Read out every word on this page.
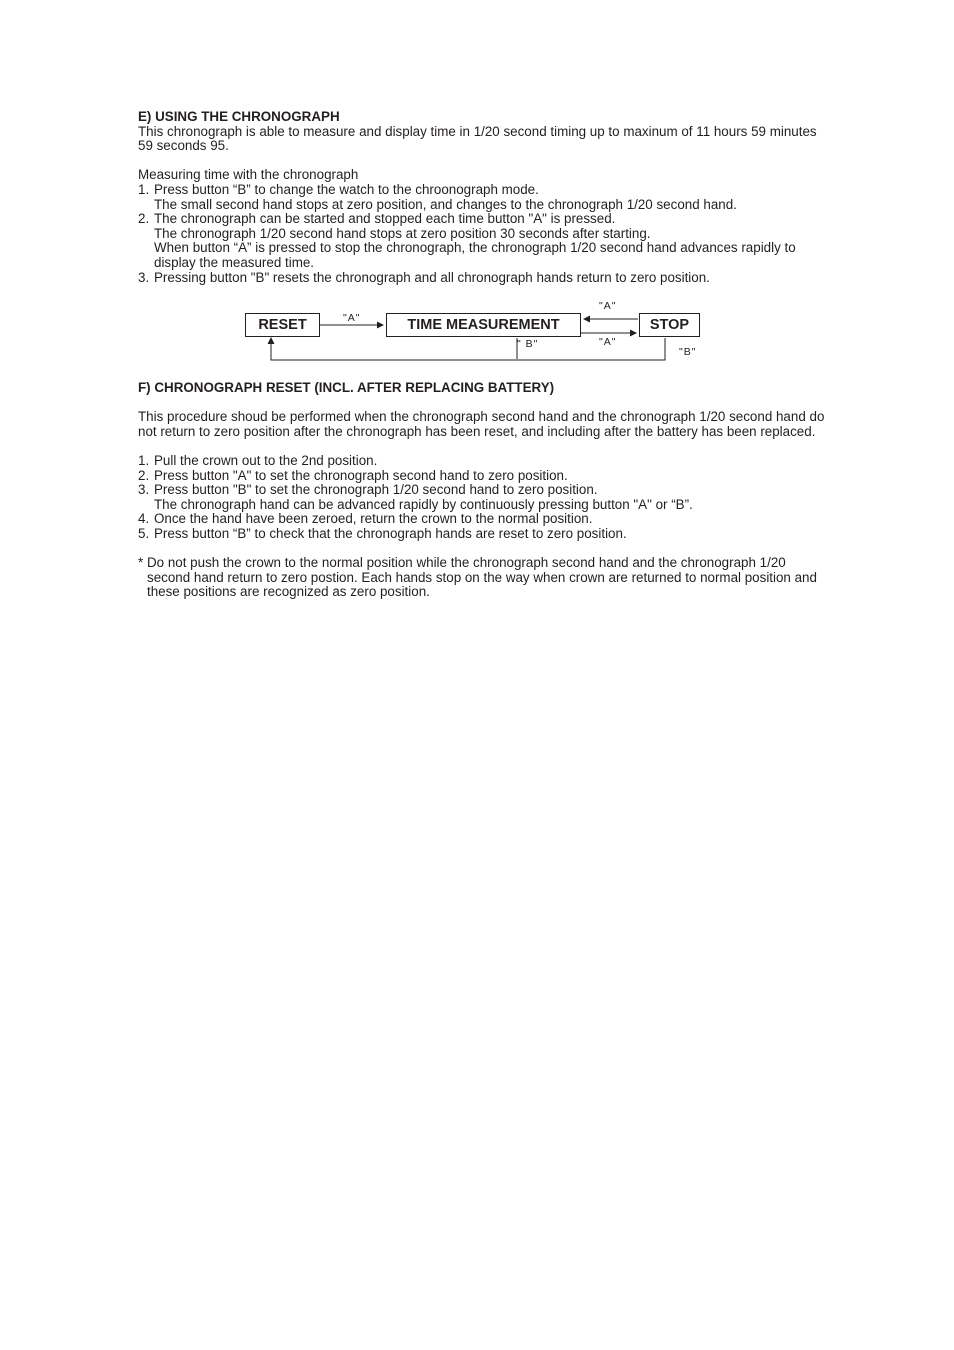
E) USING THE CHRONOGRAPH

This chronograph is able to measure and display time in 1/20 second timing up to maxinum of 11 hours 59 minutes 59 seconds 95.

Measuring time with the chronograph

1. Press button “B” to change the watch to the chroonograph mode.
The small second hand stops at zero position, and changes to the chronograph 1/20 second hand.
2. The chronograph can be started and stopped each time button "A" is pressed.
The chronograph 1/20 second hand stops at zero position 30 seconds after starting.
When button “A” is pressed to stop the chronograph, the chronograph 1/20 second hand advances rapidly to display the measured time.
3. Pressing button "B" resets the chronograph and all chronograph hands return to zero position.

F) CHRONOGRAPH RESET (INCL. AFTER REPLACING BATTERY)

This procedure shoud be performed when the chronograph second hand and the chronograph 1/20 second hand do not return to zero position after the chronograph has been reset, and including after the battery has been replaced.

1. Pull the crown out to the 2nd position.
2. Press button "A" to set the chronograph second hand to zero position.
3. Press button "B" to set the chronograph 1/20 second hand to zero position.
The chronograph hand can be advanced rapidly by continuously pressing button "A" or “B”.
4. Once the hand have been zeroed, return the crown to the normal position.
5. Press button “B” to check that the chronograph hands are reset to zero position.
* Do not push the crown to the normal position while the chronograph second hand and the chronograph 1/20 second hand return to zero postion. Each hands stop on the way when crown are returned to normal position and these positions are recognized as zero position.
RESET	TIME MEASUREMENT	STOP
"A"
"A"
"A"
" B"
"B"
